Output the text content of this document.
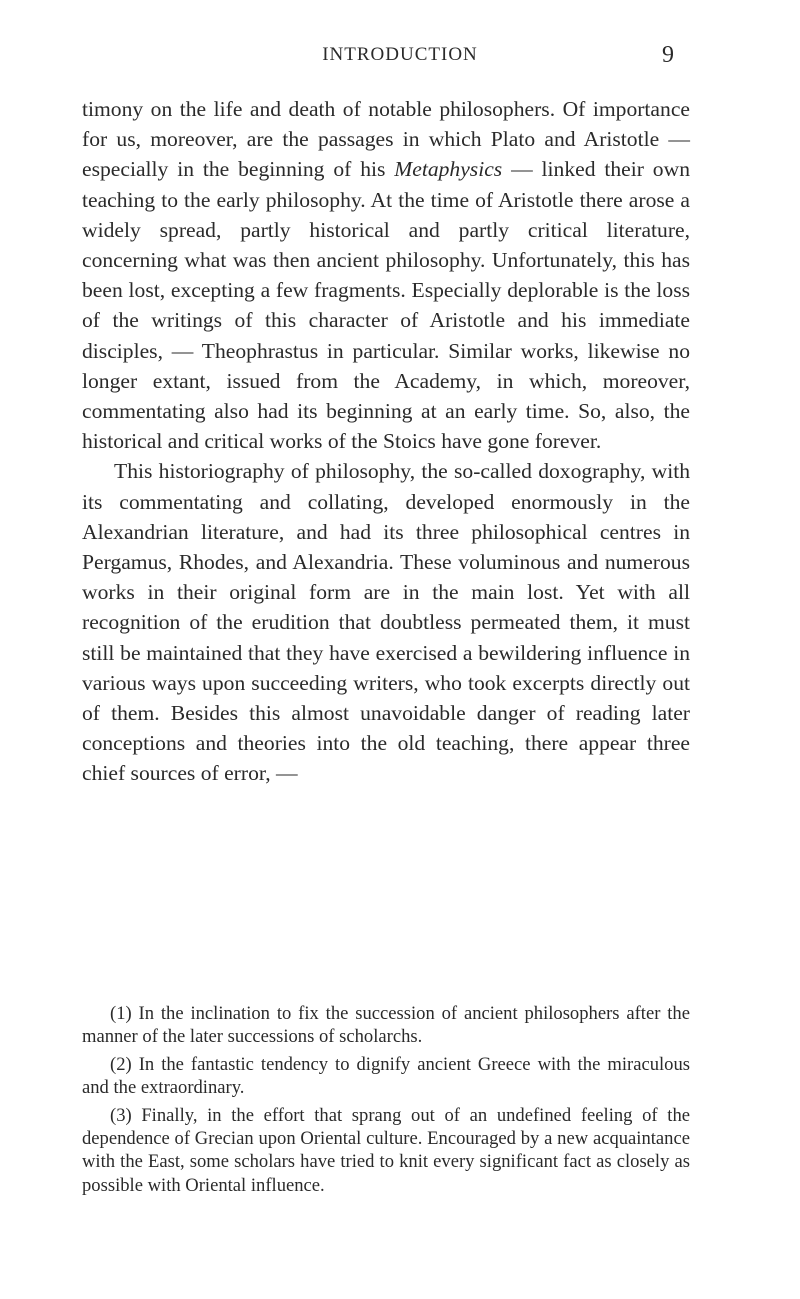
INTRODUCTION	9

timony on the life and death of notable philosophers. Of importance for us, moreover, are the passages in which Plato and Aristotle — especially in the beginning of his Metaphysics — linked their own teaching to the early philosophy. At the time of Aristotle there arose a widely spread, partly historical and partly critical literature, concerning what was then ancient philosophy. Unfortunately, this has been lost, excepting a few fragments. Especially deplorable is the loss of the writings of this character of Aristotle and his immediate disciples, — Theophrastus in particular. Similar works, likewise no longer extant, issued from the Academy, in which, moreover, commentating also had its beginning at an early time. So, also, the historical and critical works of the Stoics have gone forever.

This historiography of philosophy, the so-called doxography, with its commentating and collating, developed enormously in the Alexandrian literature, and had its three philosophical centres in Pergamus, Rhodes, and Alexandria. These voluminous and numerous works in their original form are in the main lost. Yet with all recognition of the erudition that doubtless permeated them, it must still be maintained that they have exercised a bewildering influence in various ways upon succeeding writers, who took excerpts directly out of them. Besides this almost unavoidable danger of reading later conceptions and theories into the old teaching, there appear three chief sources of error, —

(1) In the inclination to fix the succession of ancient philosophers after the manner of the later successions of scholarchs.

(2) In the fantastic tendency to dignify ancient Greece with the miraculous and the extraordinary.

(3) Finally, in the effort that sprang out of an undefined feeling of the dependence of Grecian upon Oriental culture. Encouraged by a new acquaintance with the East, some scholars have tried to knit every significant fact as closely as possible with Oriental influence.
